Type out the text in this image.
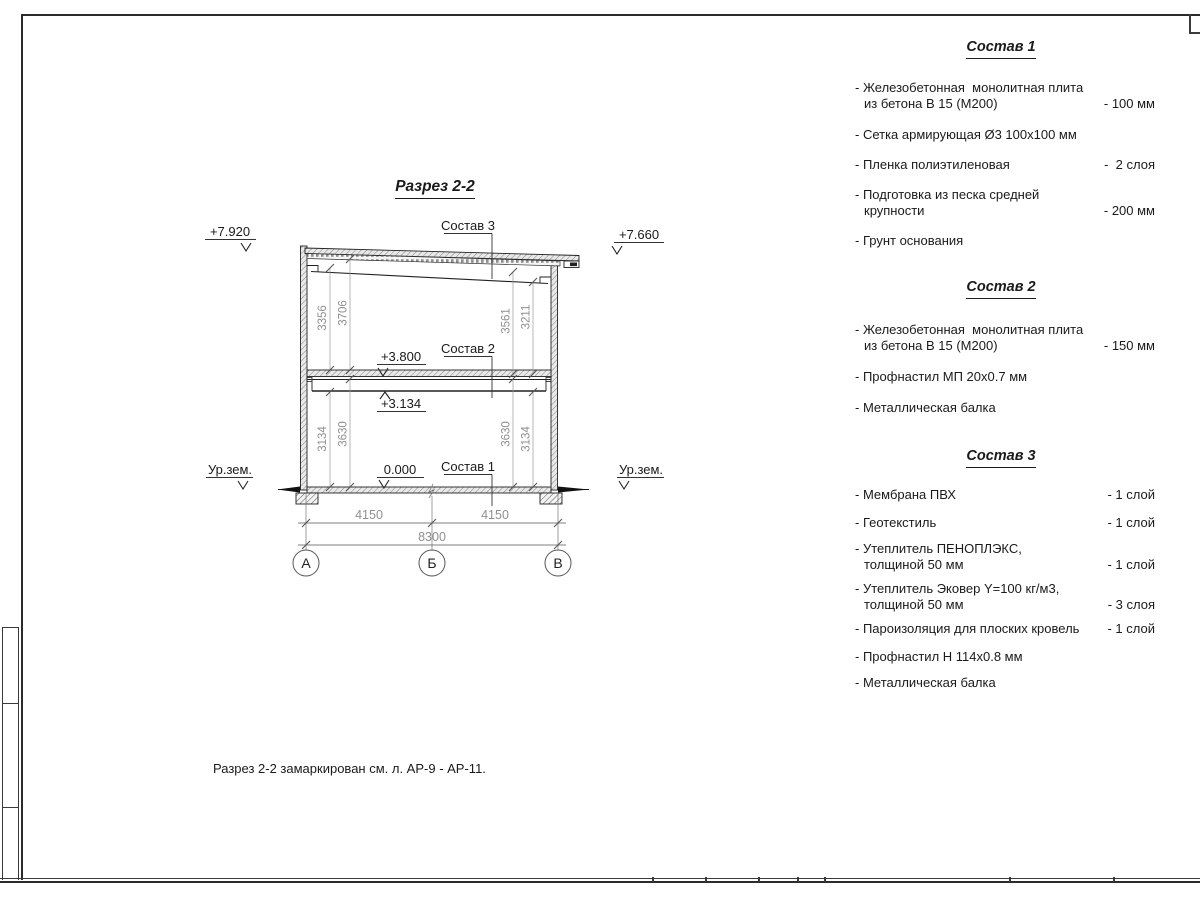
Разрез 2-2
Разрез 2-2 замаркирован см. л. АР-9 - АР-11.
4150	4150
8300
3356 3706	3561 3211
3134 3630	3630 3134
А	Б	В
Состав 3
Состав 2
Состав 1
+7.920	+7.660
+3.800
+3.134
0.000
Ур.зем.	Ур.зем.
Состав 1
- Железобетонная  монолитная плита
из бетона В 15 (М200)	- 100 мм
- Сетка армирующая Ø3 100x100 мм
- Пленка полиэтиленовая	-  2 слоя
- Подготовка из песка средней
крупности	- 200 мм
- Грунт основания
Состав 2
- Железобетонная  монолитная плита
из бетона В 15 (М200)	- 150 мм
- Профнастил МП 20x0.7 мм
- Металлическая балка
Состав 3
- Мембрана ПВХ	- 1 слой
- Геотекстиль	- 1 слой
- Утеплитель ПЕНОПЛЭКС,
толщиной 50 мм	- 1 слой
- Утеплитель Эковер Y=100 кг/м3,
толщиной 50 мм	- 3 слоя
- Пароизоляция для плоских кровель - 1 слой
- Профнастил Н 114x0.8 мм
- Металлическая балка
